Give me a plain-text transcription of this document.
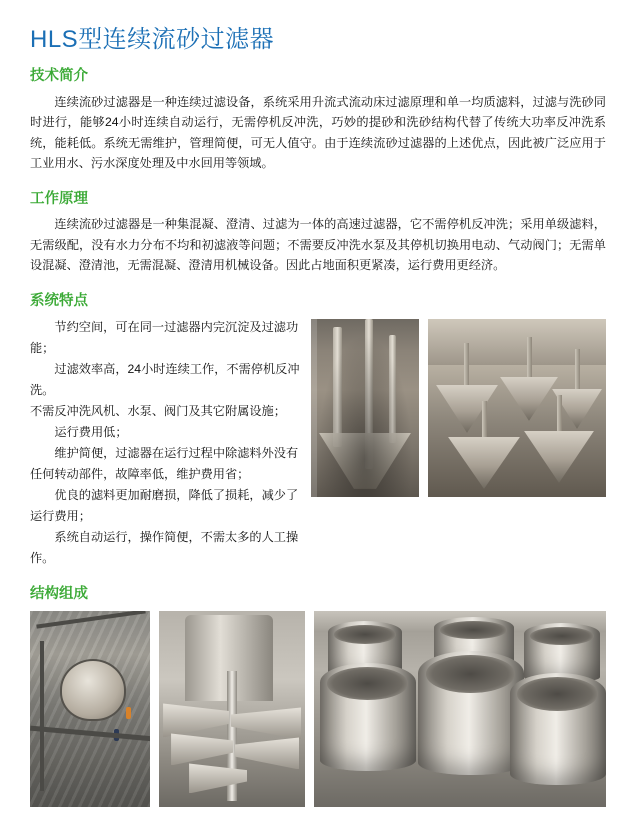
HLS型连续流砂过滤器
技术简介

连续流砂过滤器是一种连续过滤设备，系统采用升流式流动床过滤原理和单一均质滤料，过滤与洗砂同时进行，能够24小时连续自动运行，无需停机反冲洗，巧妙的提砂和洗砂结构代替了传统大功率反冲洗系统，能耗低。系统无需维护，管理简便，可无人值守。由于连续流砂过滤器的上述优点，因此被广泛应用于工业用水、污水深度处理及中水回用等领域。

工作原理

连续流砂过滤器是一种集混凝、澄清、过滤为一体的高速过滤器，它不需停机反冲洗；采用单级滤料，无需级配，没有水力分布不均和初滤液等问题；不需要反冲洗水泵及其停机切换用电动、气动阀门；无需单设混凝、澄清池，无需混凝、澄清用机械设备。因此占地面积更紧凑，运行费用更经济。

系统特点

节约空间，可在同一过滤器内完沉淀及过滤功能；

过滤效率高，24小时连续工作，不需停机反冲洗。

不需反冲洗风机、水泵、阀门及其它附属设施；

运行费用低；

维护简便，过滤器在运行过程中除滤料外没有任何转动部件，故障率低，维护费用省；

优良的滤料更加耐磨损，降低了损耗，减少了运行费用；

系统自动运行，操作简便，不需太多的人工操作。

结构组成
